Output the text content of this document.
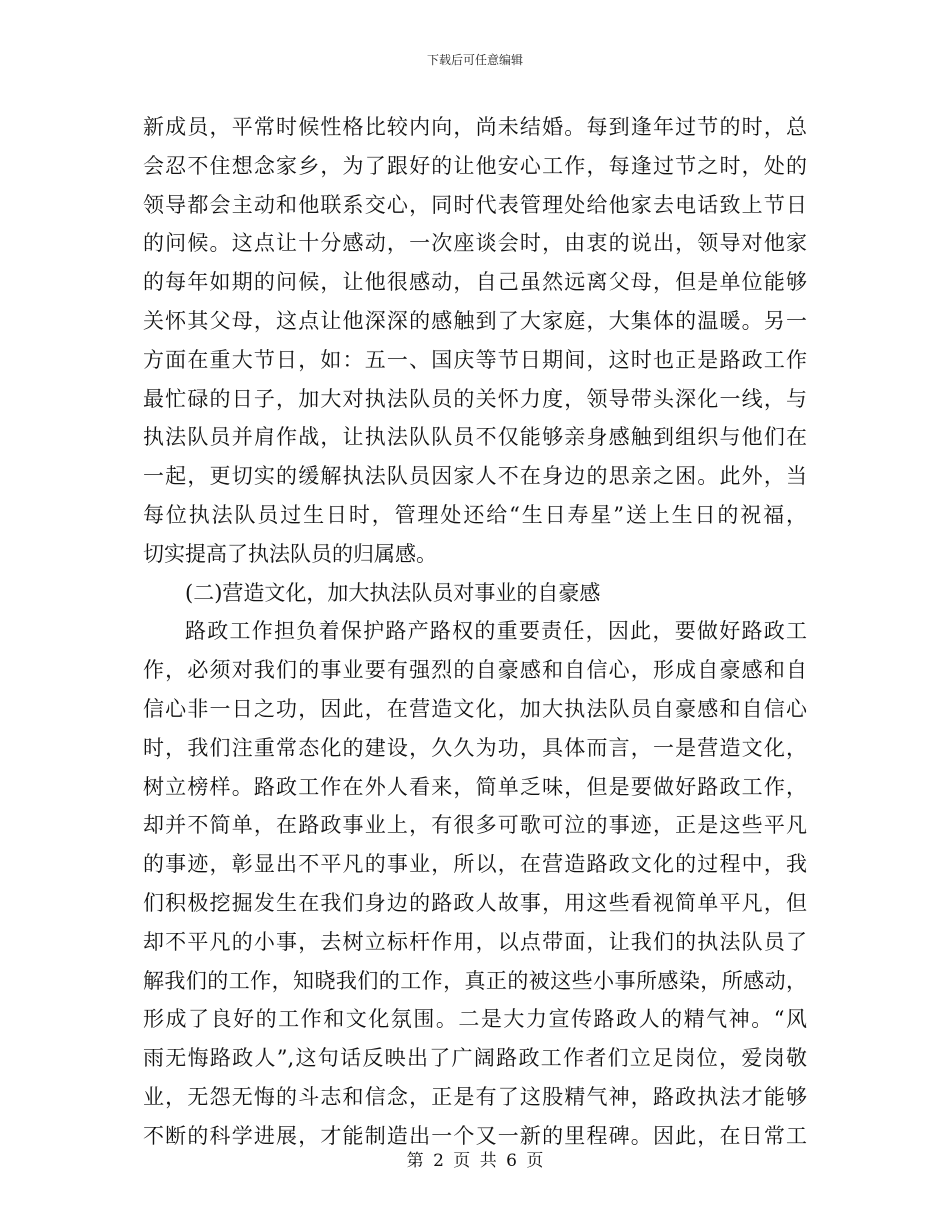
下载后可任意编辑
新成员，平常时候性格比较内向，尚未结婚。每到逢年过节的时，总
会忍不住想念家乡，为了跟好的让他安心工作，每逢过节之时，处的
领导都会主动和他联系交心，同时代表管理处给他家去电话致上节日
的问候。这点让十分感动，一次座谈会时，由衷的说出，领导对他家
的每年如期的问候，让他很感动，自己虽然远离父母，但是单位能够
关怀其父母，这点让他深深的感触到了大家庭，大集体的温暖。另一
方面在重大节日，如：五一、国庆等节日期间，这时也正是路政工作
最忙碌的日子，加大对执法队员的关怀力度，领导带头深化一线，与
执法队员并肩作战，让执法队队员不仅能够亲身感触到组织与他们在
一起，更切实的缓解执法队员因家人不在身边的思亲之困。此外，当
每位执法队员过生日时，管理处还给“生日寿星”送上生日的祝福，
切实提高了执法队员的归属感。
(二)营造文化，加大执法队员对事业的自豪感
路政工作担负着保护路产路权的重要责任，因此，要做好路政工
作，必须对我们的事业要有强烈的自豪感和自信心，形成自豪感和自
信心非一日之功，因此，在营造文化，加大执法队员自豪感和自信心
时，我们注重常态化的建设，久久为功，具体而言，一是营造文化，
树立榜样。路政工作在外人看来，简单乏味，但是要做好路政工作，
却并不简单，在路政事业上，有很多可歌可泣的事迹，正是这些平凡
的事迹，彰显出不平凡的事业，所以，在营造路政文化的过程中，我
们积极挖掘发生在我们身边的路政人故事，用这些看视简单平凡，但
却不平凡的小事，去树立标杆作用，以点带面，让我们的执法队员了
解我们的工作，知晓我们的工作，真正的被这些小事所感染，所感动，
形成了良好的工作和文化氛围。二是大力宣传路政人的精气神。“风
雨无悔路政人”,这句话反映出了广阔路政工作者们立足岗位，爱岗敬
业，无怨无悔的斗志和信念，正是有了这股精气神，路政执法才能够
不断的科学进展，才能制造出一个又一新的里程碑。因此，在日常工
第 2 页 共 6 页
